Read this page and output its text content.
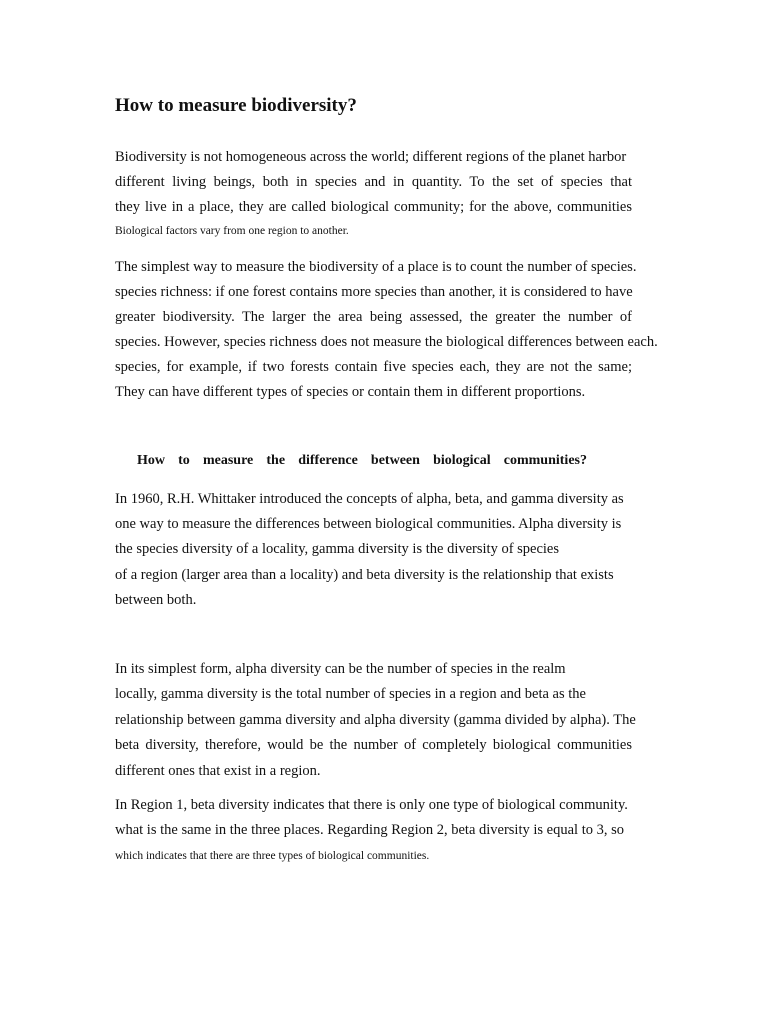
How to measure biodiversity?
Biodiversity is not homogeneous across the world; different regions of the planet harbor
different living beings, both in species and in quantity. To the set of species that
they live in a place, they are called biological community; for the above, communities
Biological factors vary from one region to another.
The simplest way to measure the biodiversity of a place is to count the number of species.
species richness: if one forest contains more species than another, it is considered to have
greater biodiversity. The larger the area being assessed, the greater the number of
species. However, species richness does not measure the biological differences between each.
species, for example, if two forests contain five species each, they are not the same;
They can have different types of species or contain them in different proportions.
How to measure the difference between biological communities?
In 1960, R.H. Whittaker introduced the concepts of alpha, beta, and gamma diversity as
one way to measure the differences between biological communities. Alpha diversity is
the species diversity of a locality, gamma diversity is the diversity of species
of a region (larger area than a locality) and beta diversity is the relationship that exists
between both.
In its simplest form, alpha diversity can be the number of species in the realm
locally, gamma diversity is the total number of species in a region and beta as the
relationship between gamma diversity and alpha diversity (gamma divided by alpha). The
beta diversity, therefore, would be the number of completely biological communities
different ones that exist in a region.
In Region 1, beta diversity indicates that there is only one type of biological community.
what is the same in the three places. Regarding Region 2, beta diversity is equal to 3, so
which indicates that there are three types of biological communities.
